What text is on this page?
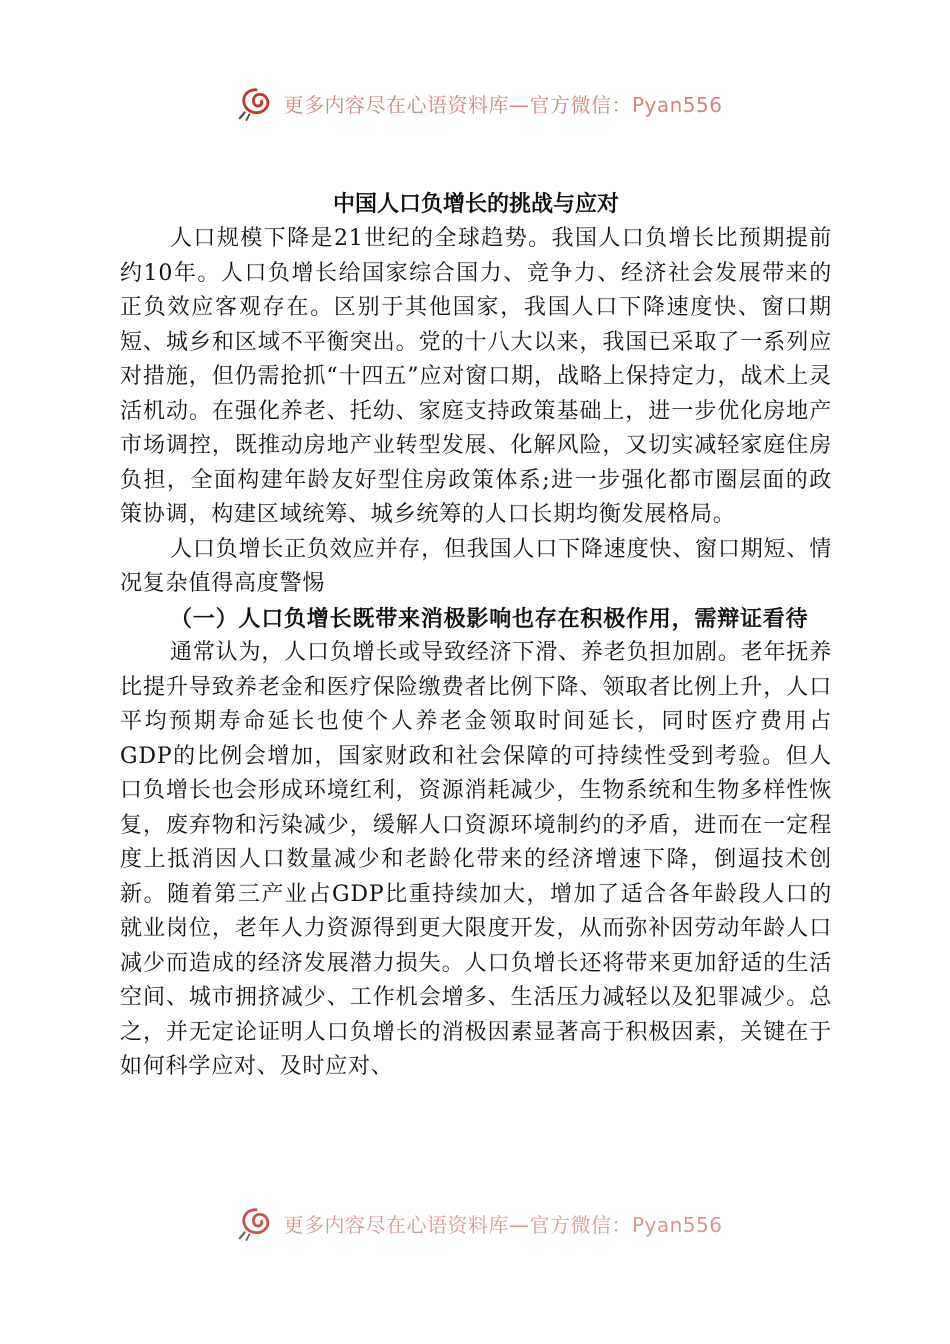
更多内容尽在心语资料库—官方微信：Pyan556
中国人口负增长的挑战与应对

人口规模下降是21世纪的全球趋势。我国人口负增长比预期提前约10年。人口负增长给国家综合国力、竞争力、经济社会发展带来的正负效应客观存在。区别于其他国家，我国人口下降速度快、窗口期短、城乡和区域不平衡突出。党的十八大以来，我国已采取了一系列应对措施，但仍需抢抓“十四五”应对窗口期，战略上保持定力，战术上灵活机动。在强化养老、托幼、家庭支持政策基础上，进一步优化房地产市场调控，既推动房地产业转型发展、化解风险，又切实减轻家庭住房负担，全面构建年龄友好型住房政策体系;进一步强化都市圈层面的政策协调，构建区域统筹、城乡统筹的人口长期均衡发展格局。

人口负增长正负效应并存，但我国人口下降速度快、窗口期短、情况复杂值得高度警惕

（一）人口负增长既带来消极影响也存在积极作用，需辩证看待

通常认为，人口负增长或导致经济下滑、养老负担加剧。老年抚养比提升导致养老金和医疗保险缴费者比例下降、领取者比例上升，人口平均预期寿命延长也使个人养老金领取时间延长，同时医疗费用占GDP的比例会增加，国家财政和社会保障的可持续性受到考验。但人口负增长也会形成环境红利，资源消耗减少，生物系统和生物多样性恢复，废弃物和污染减少，缓解人口资源环境制约的矛盾，进而在一定程度上抵消因人口数量减少和老龄化带来的经济增速下降，倒逼技术创新。随着第三产业占GDP比重持续加大，增加了适合各年龄段人口的就业岗位，老年人力资源得到更大限度开发，从而弥补因劳动年龄人口减少而造成的经济发展潜力损失。人口负增长还将带来更加舒适的生活空间、城市拥挤减少、工作机会增多、生活压力减轻以及犯罪减少。总之，并无定论证明人口负增长的消极因素显著高于积极因素，关键在于如何科学应对、及时应对、

更多内容尽在心语资料库—官方微信：Pyan556
